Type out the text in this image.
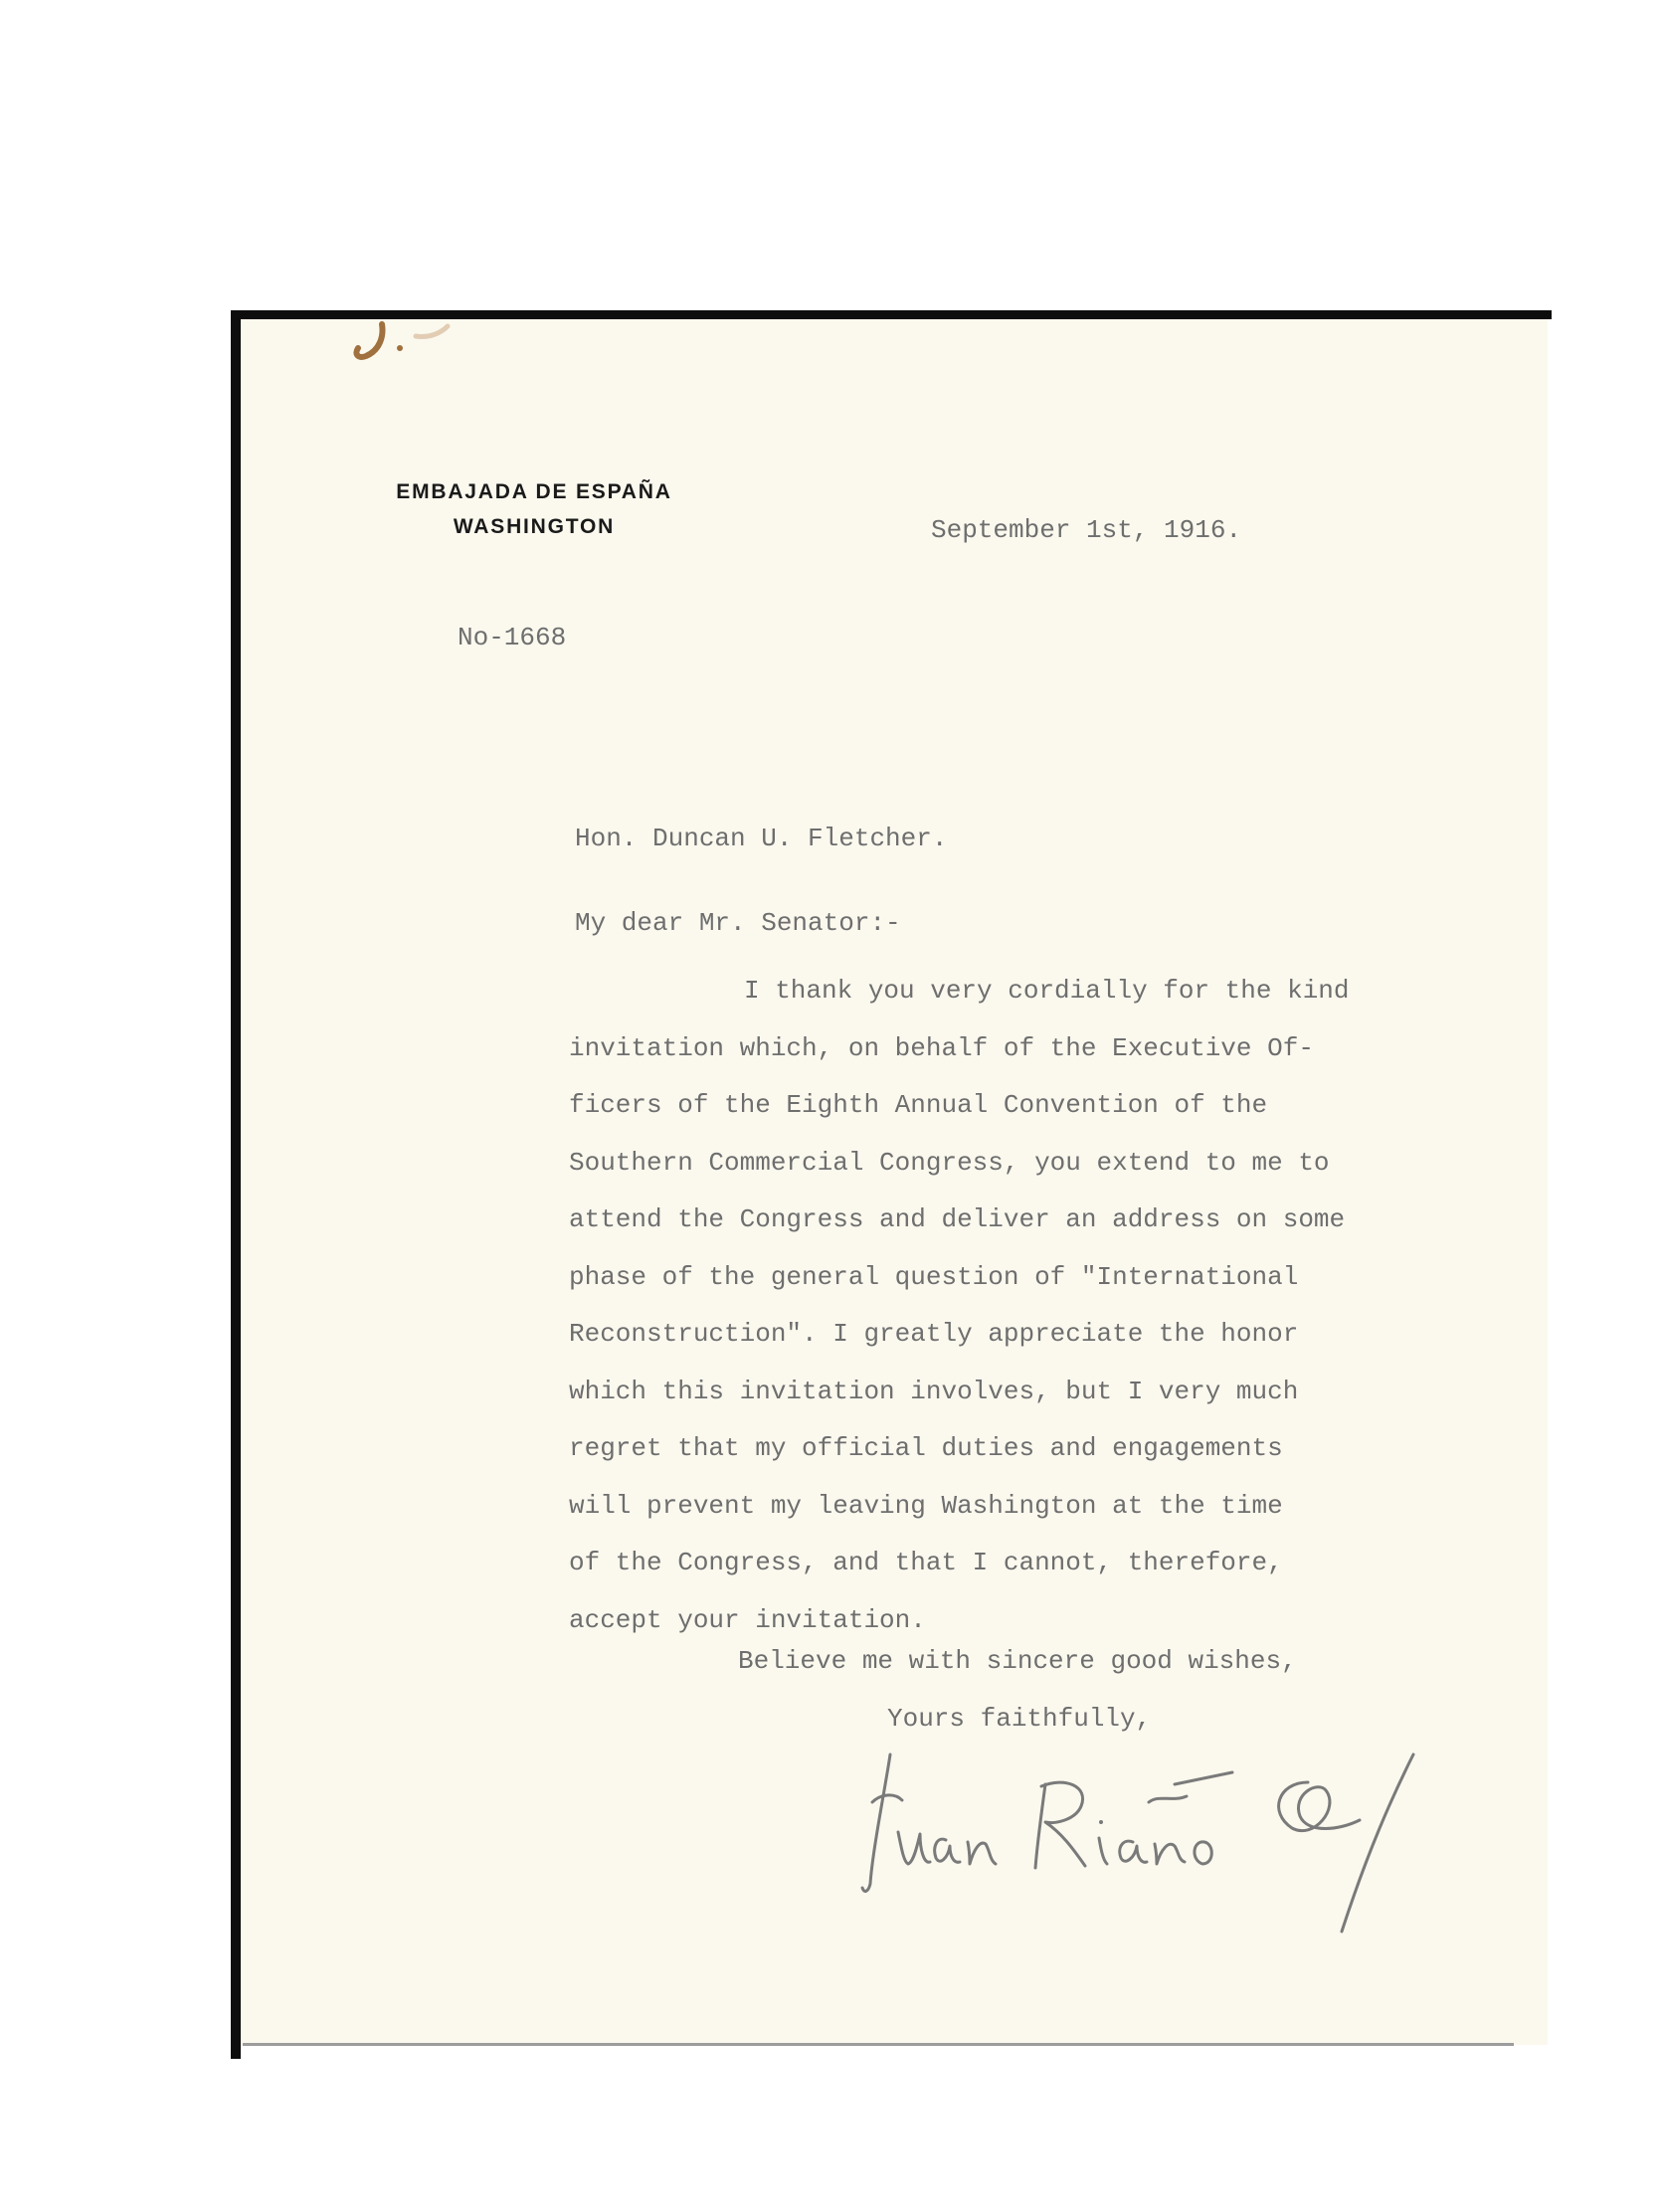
EMBAJADA DE ESPAÑA
WASHINGTON	September 1st, 1916.
No-1668
Hon. Duncan U. Fletcher.
My dear Mr. Senator:-
I thank you very cordially for the kind
invitation which, on behalf of the Executive Of-
ficers of the Eighth Annual Convention of the
Southern Commercial Congress, you extend to me to
attend the Congress and deliver an address on some
phase of the general question of "International
Reconstruction". I greatly appreciate the honor
which this invitation involves, but I very much
regret that my official duties and engagements
will prevent my leaving Washington at the time
of the Congress, and that I cannot, therefore,
accept your invitation.
Believe me with sincere good wishes,
Yours faithfully,
